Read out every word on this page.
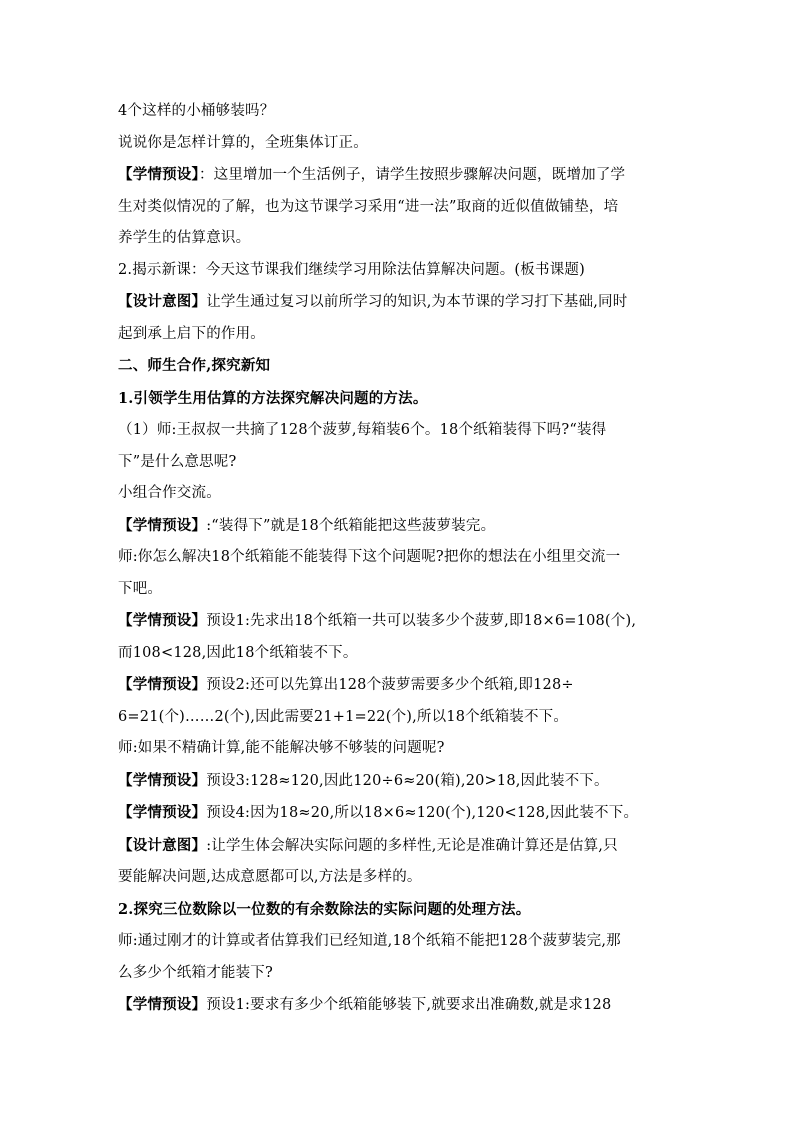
4个这样的小桶够装吗？

说说你是怎样计算的，全班集体订正。

【学情预设】：这里增加一个生活例子，请学生按照步骤解决问题，既增加了学

生对类似情况的了解，也为这节课学习采用“进一法”取商的近似值做铺垫，培

养学生的估算意识。

2.揭示新课：今天这节课我们继续学习用除法估算解决问题。(板书课题)

【设计意图】让学生通过复习以前所学习的知识,为本节课的学习打下基础,同时

起到承上启下的作用。

二、师生合作,探究新知

1.引领学生用估算的方法探究解决问题的方法。

（1）师:王叔叔一共摘了128个菠萝,每箱装6个。18个纸箱装得下吗?“装得

下”是什么意思呢?

小组合作交流。

【学情预设】:“装得下”就是18个纸箱能把这些菠萝装完。

师:你怎么解决18个纸箱能不能装得下这个问题呢?把你的想法在小组里交流一

下吧。

【学情预设】预设1:先求出18个纸箱一共可以装多少个菠萝,即18×6=108(个),

而108<128,因此18个纸箱装不下。

【学情预设】预设2:还可以先算出128个菠萝需要多少个纸箱,即128÷

6=21(个)……2(个),因此需要21+1=22(个),所以18个纸箱装不下。

师:如果不精确计算,能不能解决够不够装的问题呢?

【学情预设】预设3:128≈120,因此120÷6≈20(箱),20>18,因此装不下。

【学情预设】预设4:因为18≈20,所以18×6≈120(个),120<128,因此装不下。

【设计意图】:让学生体会解决实际问题的多样性,无论是准确计算还是估算,只

要能解决问题,达成意愿都可以,方法是多样的。

2.探究三位数除以一位数的有余数除法的实际问题的处理方法。

师:通过刚才的计算或者估算我们已经知道,18个纸箱不能把128个菠萝装完,那

么多少个纸箱才能装下?

【学情预设】预设1:要求有多少个纸箱能够装下,就要求出准确数,就是求128
